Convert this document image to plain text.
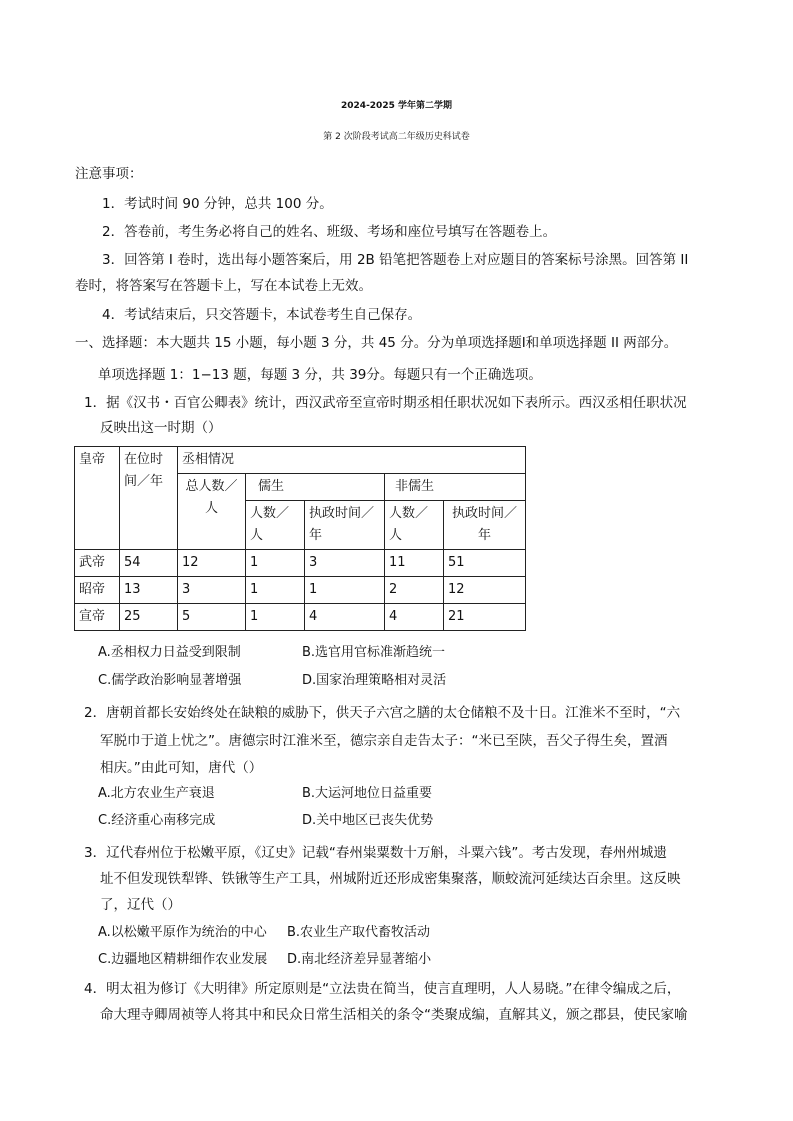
2024-2025 学年第二学期
第 2 次阶段考试高二年级历史科试卷
注意事项：
1．考试时间 90 分钟，总共 100 分。
2．答卷前，考生务必将自己的姓名、班级、考场和座位号填写在答题卷上。
3．回答第 I 卷时，选出每小题答案后，用 2B 铅笔把答题卷上对应题目的答案标号涂黑。回答第 II
卷时，将答案写在答题卡上，写在本试卷上无效。
4．考试结束后，只交答题卡，本试卷考生自己保存。
一、选择题：本大题共 15 小题，每小题 3 分，共 45 分。分为单项选择题Ⅰ和单项选择题 II 两部分。
单项选择题 1：1−13 题，每题 3 分，共 39分。每题只有一个正确选项。
1．据《汉书・百官公卿表》统计，西汉武帝至宣帝时期丞相任职状况如下表所示。西汉丞相任职状况
反映出这一时期（）
皇帝	在位时间／年	丞相情况				
		总人数／人	儒生		非儒生	
			人数／人	执政时间／年	人数／人	执政时间／年
武帝	54	12	1	3	11	51
昭帝	13	3	1	1	2	12
宣帝	25	5	1	4	4	21
A.丞相权力日益受到限制	B.选官用官标准渐趋统一
C.儒学政治影响显著增强	D.国家治理策略相对灵活
2．唐朝首都长安始终处在缺粮的威胁下，供天子六宫之膳的太仓储粮不及十日。江淮米不至时，“六
军脱巾于道上忧之”。唐德宗时江淮米至，德宗亲自走告太子：“米已至陕，吾父子得生矣，置酒
相庆。”由此可知，唐代（）
A.北方农业生产衰退	B.大运河地位日益重要
C.经济重心南移完成	D.关中地区已丧失优势
3．辽代春州位于松嫩平原，《辽史》记载“春州粜粟数十万斛，斗粟六钱”。考古发现，春州州城遗
址不但发现铁犁铧、铁锹等生产工具，州城附近还形成密集聚落，顺蛟流河延续达百余里。这反映
了，辽代（）
A.以松嫩平原作为统治的中心 B.农业生产取代畜牧活动
C.边疆地区精耕细作农业发展 D.南北经济差异显著缩小
4．明太祖为修订《大明律》所定原则是“立法贵在简当，使言直理明，人人易晓。”在律令编成之后，
命大理寺卿周祯等人将其中和民众日常生活相关的条令“类聚成编，直解其义，颁之郡县，使民家喻
